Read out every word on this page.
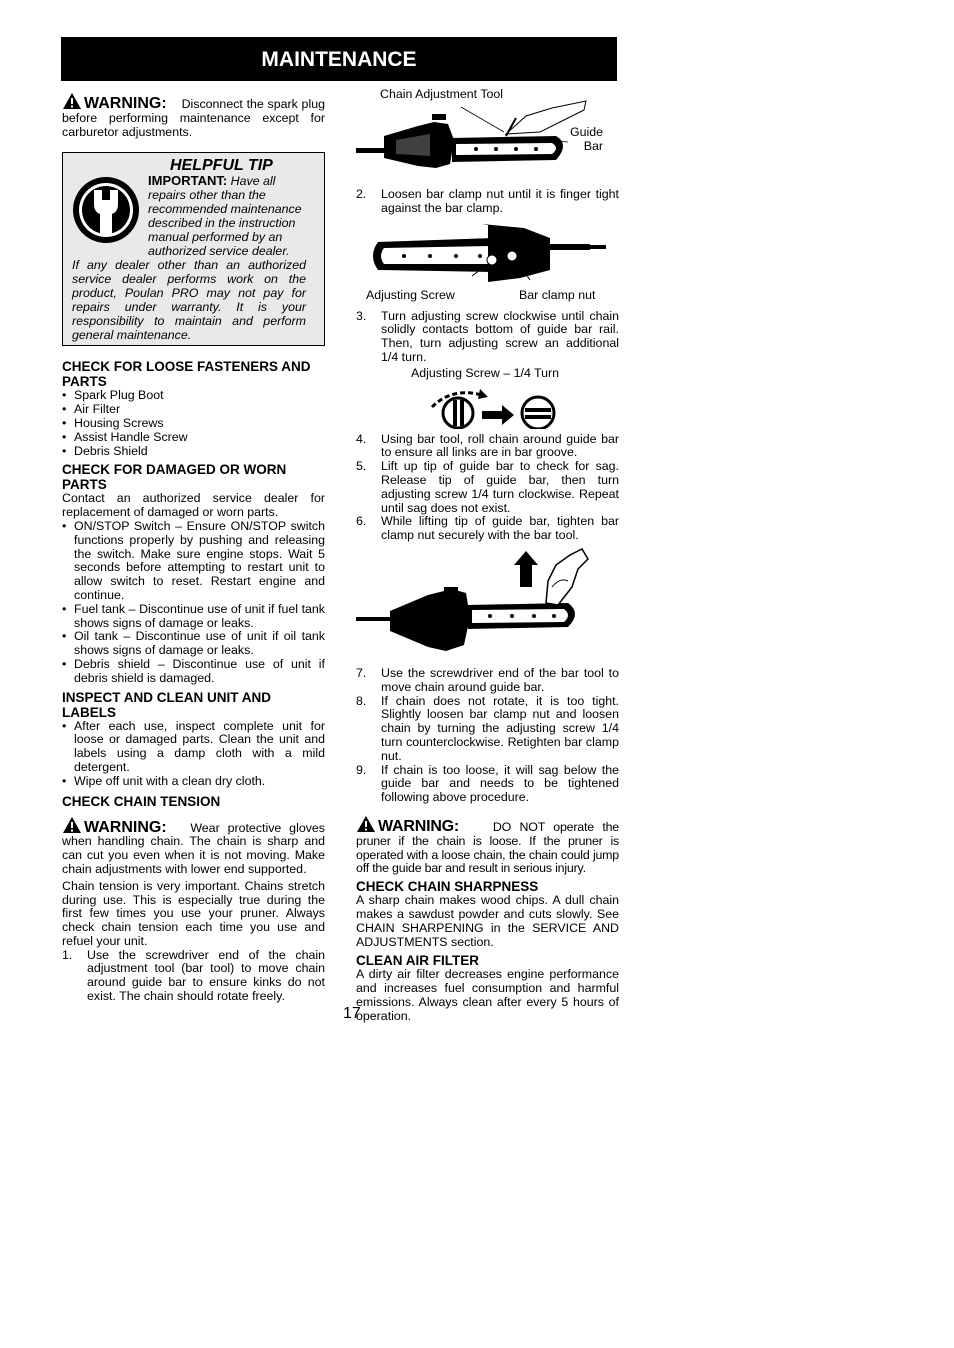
MAINTENANCE

WARNING: Disconnect the spark plug before performing maintenance except for carburetor adjustments.

HELPFUL TIP
IMPORTANT: Have all repairs other than the recommended maintenance described in the instruction manual performed by an authorized service dealer.

If any dealer other than an authorized service dealer performs work on the product, Poulan PRO may not pay for repairs under warranty. It is your responsibility to maintain and perform general maintenance.

CHECK FOR LOOSE FASTENERS AND PARTS
• Spark Plug Boot
• Air Filter
• Housing Screws
• Assist Handle Screw
• Debris Shield
CHECK FOR DAMAGED OR WORN PARTS

Contact an authorized service dealer for replacement of damaged or worn parts.

• ON/STOP Switch – Ensure ON/STOP switch functions properly by pushing and releasing the switch. Make sure engine stops. Wait 5 seconds before attempting to restart unit to allow switch to reset. Restart engine and continue.
• Fuel tank – Discontinue use of unit if fuel tank shows signs of damage or leaks.
• Oil tank – Discontinue use of unit if oil tank shows signs of damage or leaks.
• Debris shield – Discontinue use of unit if debris shield is damaged.
INSPECT AND CLEAN UNIT AND LABELS
• After each use, inspect complete unit for loose or damaged parts. Clean the unit and labels using a damp cloth with a mild detergent.
• Wipe off unit with a clean dry cloth.
CHECK CHAIN TENSION

WARNING: Wear protective gloves when handling chain. The chain is sharp and can cut you even when it is not moving. Make chain adjustments with lower end supported.

Chain tension is very important. Chains stretch during use. This is especially true during the first few times you use your pruner. Always check chain tension each time you use and refuel your unit.

1. Use the screwdriver end of the chain adjustment tool (bar tool) to move chain around guide bar to ensure kinks do not exist. The chain should rotate freely.
Chain Adjustment Tool
Guide
Bar
2. Loosen bar clamp nut until it is finger tight against the bar clamp.
Adjusting Screw	Bar clamp nut
3. Turn adjusting screw clockwise until chain solidly contacts bottom of guide bar rail. Then, turn adjusting screw an additional 1/4 turn.
Adjusting Screw – 1/4 Turn
4. Using bar tool, roll chain around guide bar to ensure all links are in bar groove.
5. Lift up tip of guide bar to check for sag. Release tip of guide bar, then turn adjusting screw 1/4 turn clockwise. Repeat until sag does not exist.
6. While lifting tip of guide bar, tighten bar clamp nut securely with the bar tool.
7. Use the screwdriver end of the bar tool to move chain around guide bar.
8. If chain does not rotate, it is too tight. Slightly loosen bar clamp nut and loosen chain by turning the adjusting screw 1/4 turn counterclockwise. Retighten bar clamp nut.
9. If chain is too loose, it will sag below the guide bar and needs to be tightened following above procedure.

WARNING:	DO NOT operate the pruner if the chain is loose. If the pruner is operated with a loose chain, the chain could jump off the guide bar and result in serious injury.

CHECK CHAIN SHARPNESS

A sharp chain makes wood chips. A dull chain makes a sawdust powder and cuts slowly. See CHAIN SHARPENING in the SERVICE AND ADJUSTMENTS section.

CLEAN AIR FILTER

A dirty air filter decreases engine performance and increases fuel consumption and harmful emissions. Always clean after every 5 hours of operation.

17
